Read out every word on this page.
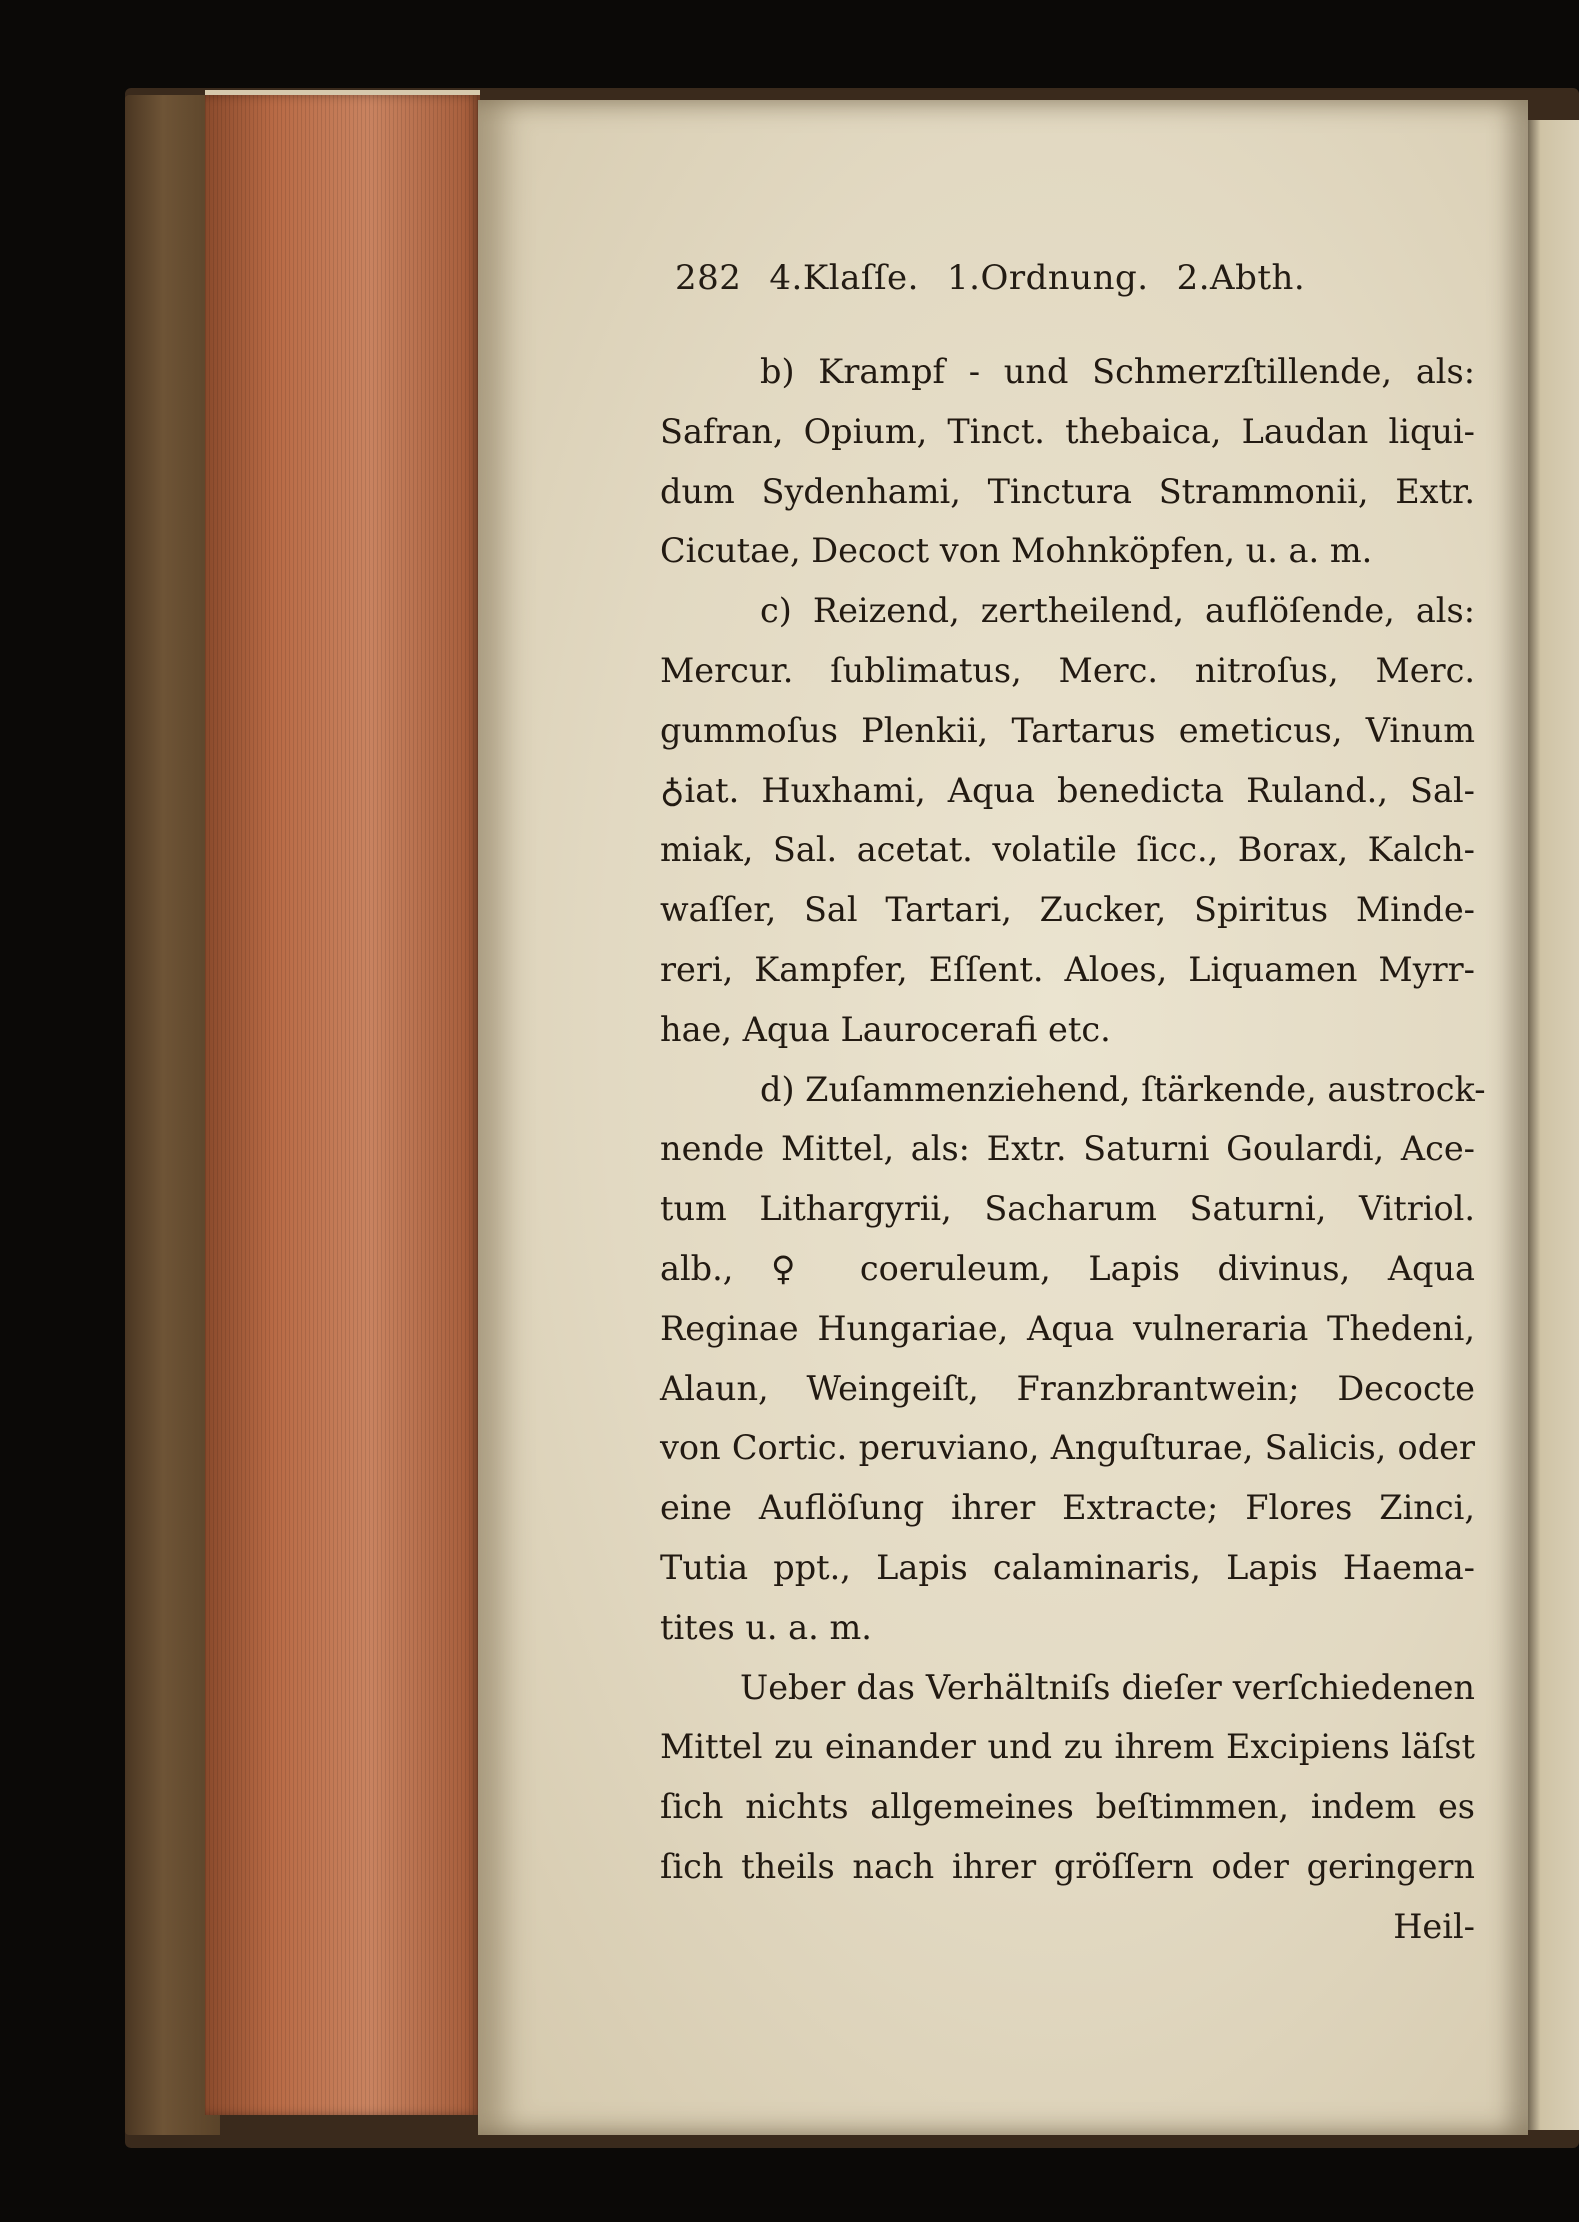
282 4.Klaſſe. 1.Ordnung. 2.Abth.
b) Krampf - und Schmerzſtillende, als:
Safran, Opium, Tinct. thebaica, Laudan liqui-
dum Sydenhami, Tinctura Strammonii, Extr.
Cicutae, Decoct von Mohnköpfen, u. a. m.
c) Reizend, zertheilend, auflöſende, als:
Mercur. ſublimatus, Merc. nitroſus, Merc.
gummoſus Plenkii, Tartarus emeticus, Vinum
♁iat. Huxhami, Aqua benedicta Ruland., Sal-
miak, Sal. acetat. volatile ſicc., Borax, Kalch-
waſſer, Sal Tartari, Zucker, Spiritus Minde-
reri, Kampfer, Eſſent. Aloes, Liquamen Myrr-
hae, Aqua Laurocerafi etc.
d) Zuſammenziehend, ſtärkende, austrock-
nende Mittel, als: Extr. Saturni Goulardi, Ace-
tum Lithargyrii, Sacharum Saturni, Vitriol.
alb., ♀ coeruleum, Lapis divinus, Aqua
Reginae Hungariae, Aqua vulneraria Thedeni,
Alaun, Weingeiſt, Franzbrantwein; Decocte
von Cortic. peruviano, Anguſturae, Salicis, oder
eine Auflöſung ihrer Extracte; Flores Zinci,
Tutia ppt., Lapis calaminaris, Lapis Haema-
tites u. a. m.
Ueber das Verhältniſs dieſer verſchiedenen
Mittel zu einander und zu ihrem Excipiens läſst
ſich nichts allgemeines beſtimmen, indem es
ſich theils nach ihrer gröſſern oder geringern
Heil-
